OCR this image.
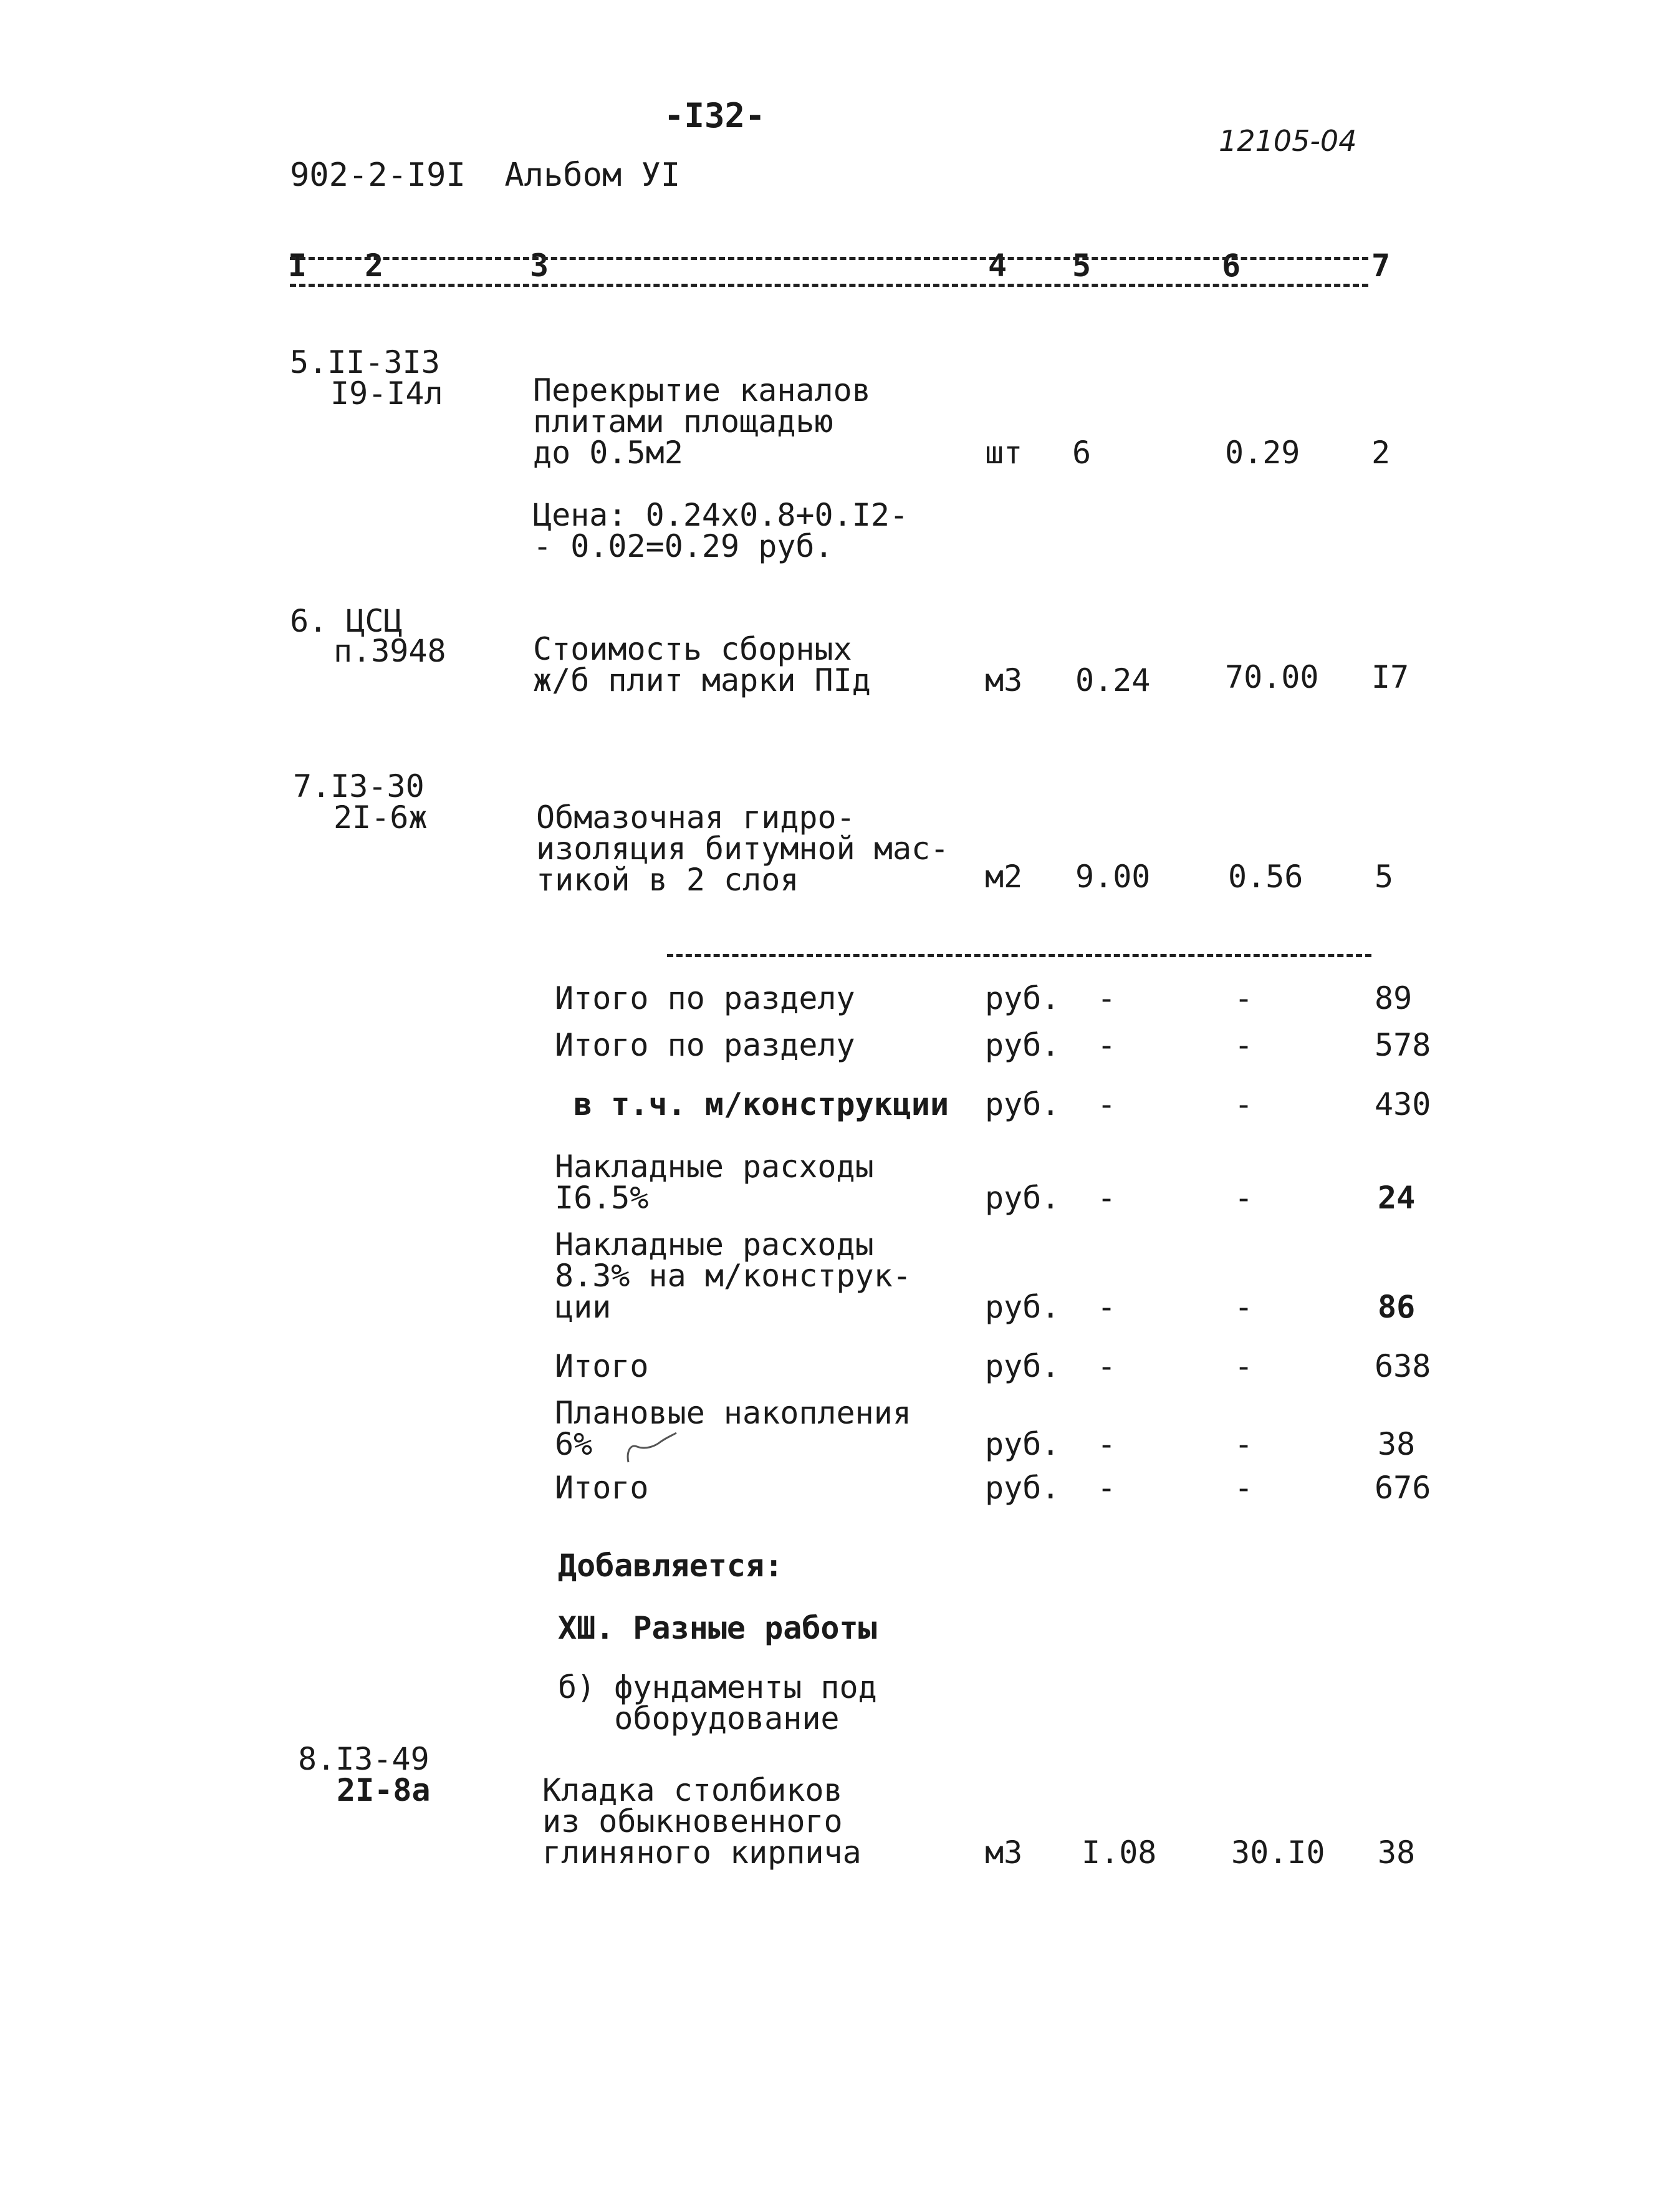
-I32-
12105-04
902-2-I9I  Альбом УI
I 2	3	4 5	6	7
5.II-3I3
I9-I4л	Перекрытие каналов
плитами площадью
до 0.5м2	шт 6	0.29 2
Цена: 0.24х0.8+0.I2-
- 0.02=0.29 руб.
6. ЦСЦ
п.3948	Стоимость сборных
ж/б плит марки ПIд	м3 0.24 70.00 I7
7.I3-30
2I-6ж	Обмазочная гидро-
изоляция битумной мас-
тикой в 2 слоя	м2 9.00 0.56 5
Итого по разделу	руб. -	-	89
Итого по разделу	руб. -	-	578
в т.ч. м/конструкции руб. -	-	430
Накладные расходы
I6.5%	руб. -	-	24
Накладные расходы
8.3% на м/конструк-
ции	руб. -	-	86
Итого	руб. -	-	638
Плановые накопления
6%	руб. -	-	38
Итого	руб. -	-	676
Добавляется:
ХШ. Разные работы
б) фундаменты под
оборудование
8.I3-49
2I-8а	Кладка столбиков
из обыкновенного
глиняного кирпича	м3 I.08 30.I0 38
